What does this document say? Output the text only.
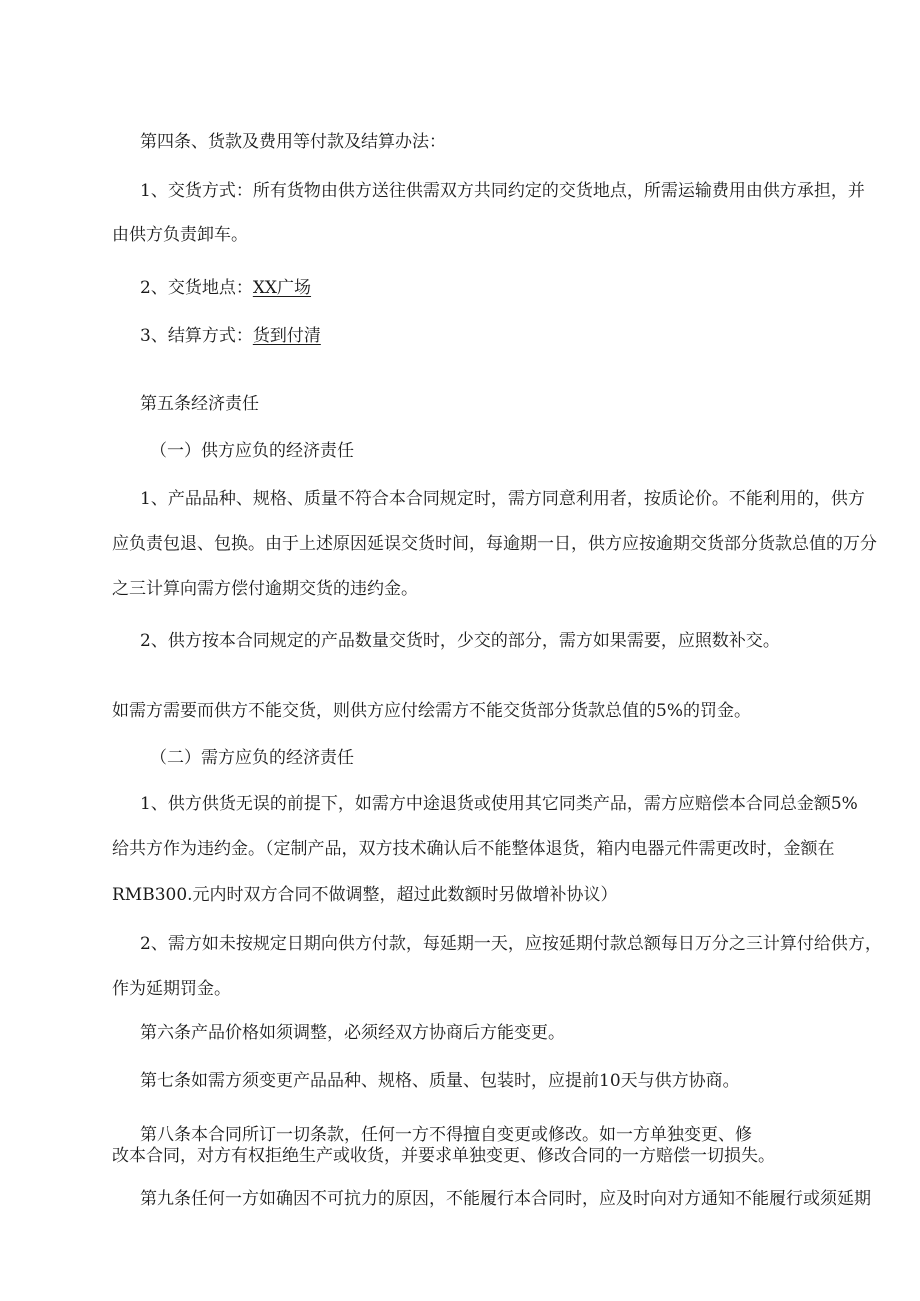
第四条、货款及费用等付款及结算办法：

1、交货方式：所有货物由供方送往供需双方共同约定的交货地点，所需运输费用由供方承担，并

由供方负责卸车。

2、交货地点：XX广场

3、结算方式：货到付清

第五条经济责任

（一）供方应负的经济责任

1、产品品种、规格、质量不符合本合同规定时，需方同意利用者，按质论价。不能利用的，供方

应负责包退、包换。由于上述原因延误交货时间，每逾期一日，供方应按逾期交货部分货款总值的万分

之三计算向需方偿付逾期交货的违约金。

2、供方按本合同规定的产品数量交货时，少交的部分，需方如果需要，应照数补交。

如需方需要而供方不能交货，则供方应付绘需方不能交货部分货款总值的5%的罚金。

（二）需方应负的经济责任

1、供方供货无误的前提下，如需方中途退货或使用其它同类产品，需方应赔偿本合同总金额5%

给共方作为违约金。（定制产品，双方技术确认后不能整体退货，箱内电器元件需更改时，金额在

RMB300.元内时双方合同不做调整，超过此数额时另做增补协议）

2、需方如未按规定日期向供方付款，每延期一天，应按延期付款总额每日万分之三计算付给供方，

作为延期罚金。

第六条产品价格如须调整，必须经双方协商后方能变更。

第七条如需方须变更产品品种、规格、质量、包装时，应提前10天与供方协商。

第八条本合同所订一切条款，任何一方不得擅自变更或修改。如一方单独变更、修

改本合同，对方有权拒绝生产或收货，并要求单独变更、修改合同的一方赔偿一切损失。

第九条任何一方如确因不可抗力的原因，不能履行本合同时，应及时向对方通知不能履行或须延期
